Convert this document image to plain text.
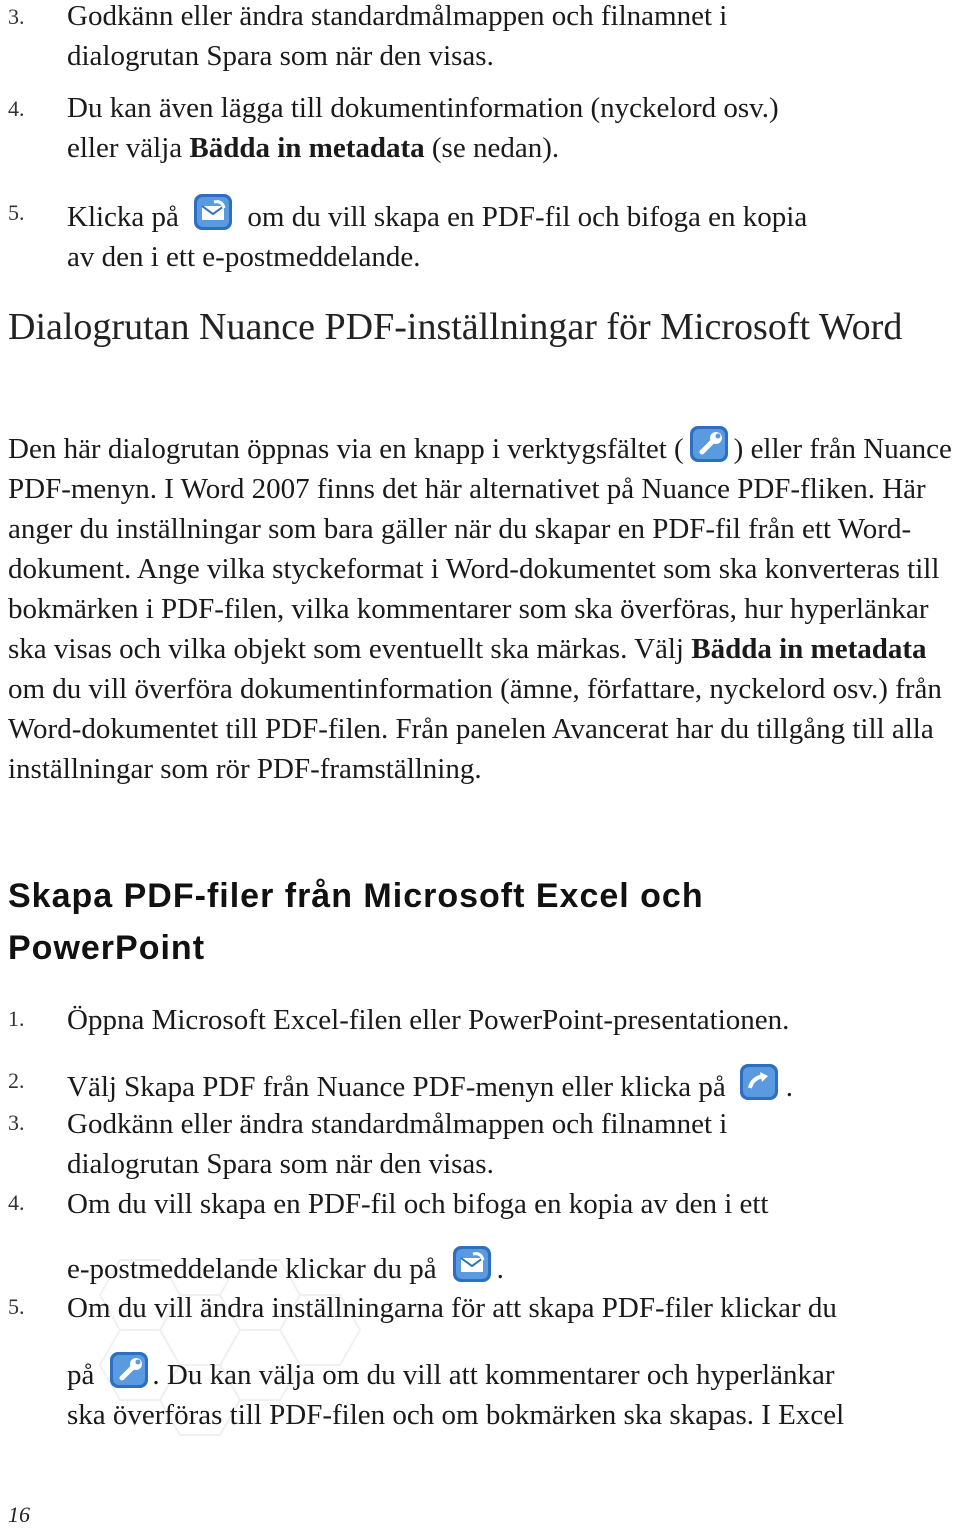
3. Godkänn eller ändra standardmålmappen och filnamnet i
dialogrutan Spara som när den visas.
4. Du kan även lägga till dokumentinformation (nyckelord osv.)
eller välja Bädda in metadata (se nedan).
5. Klicka på om du vill skapa en PDF-fil och bifoga en kopia
av den i ett e-postmeddelande.
Dialogrutan Nuance PDF-inställningar för Microsoft Word

Den här dialogrutan öppnas via en knapp i verktygsfältet ( ) eller från Nuance PDF-menyn. I Word 2007 finns det här alternativet på Nuance PDF-fliken. Här anger du inställningar som bara gäller när du skapar en PDF-fil från ett Word-dokument. Ange vilka styckeformat i Word-dokumentet som ska konverteras till bokmärken i PDF-filen, vilka kommentarer som ska överföras, hur hyperlänkar ska visas och vilka objekt som eventuellt ska märkas. Välj Bädda in metadata om du vill överföra dokumentinformation (ämne, författare, nyckelord osv.) från Word-dokumentet till PDF-filen. Från panelen Avancerat har du tillgång till alla inställningar som rör PDF-framställning.

Skapa PDF-filer från Microsoft Excel och
PowerPoint
1. Öppna Microsoft Excel-filen eller PowerPoint-presentationen.
2. Välj Skapa PDF från Nuance PDF-menyn eller klicka på .
3. Godkänn eller ändra standardmålmappen och filnamnet i
dialogrutan Spara som när den visas.
4. Om du vill skapa en PDF-fil och bifoga en kopia av den i ett
e-postmeddelande klickar du på .
5. Om du vill ändra inställningarna för att skapa PDF-filer klickar du
på . Du kan välja om du vill att kommentarer och hyperlänkar
ska överföras till PDF-filen och om bokmärken ska skapas. I Excel
16
